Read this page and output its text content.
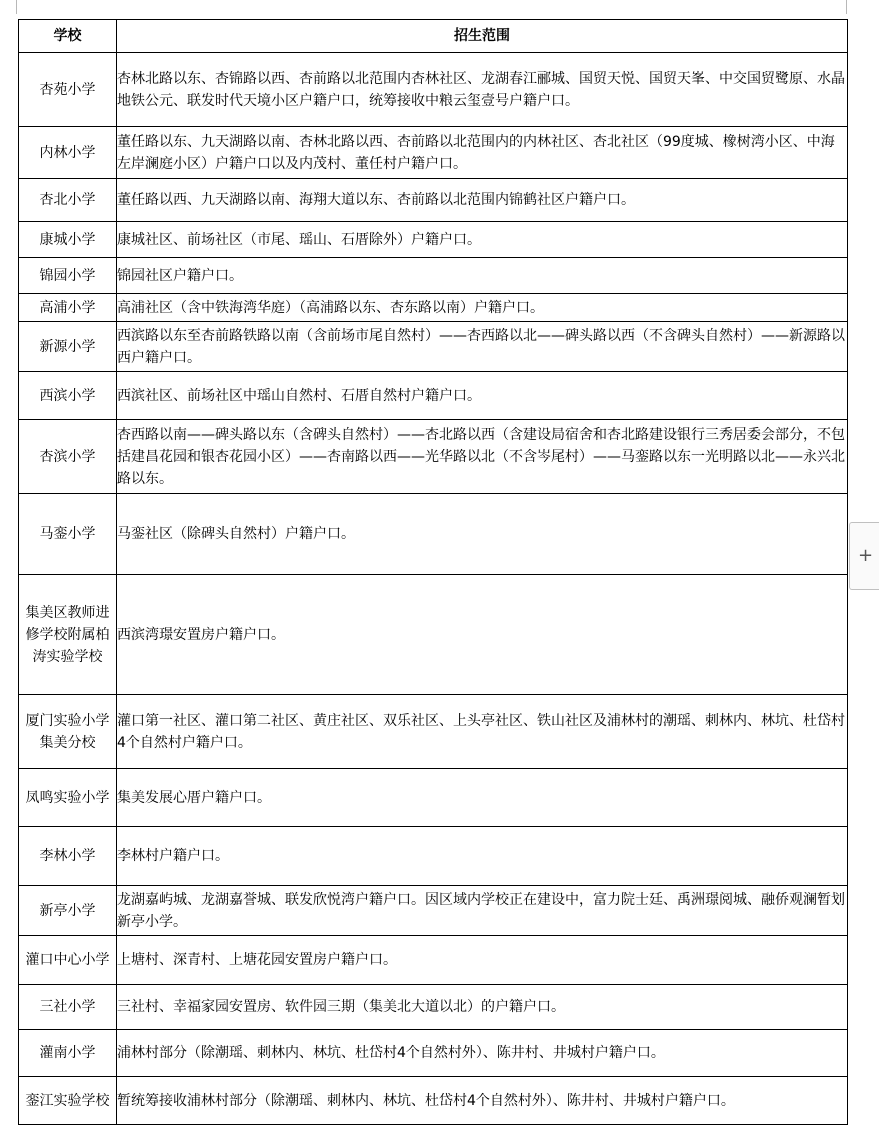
学校	招生范围
杏苑小学	杏林北路以东、杏锦路以西、杏前路以北范围内杏林社区、龙湖春江郦城、国贸天悦、国贸天峯、中交国贸鹭原、水晶地铁公元、联发时代天境小区户籍户口，统筹接收中粮云玺壹号户籍户口。
内林小学	董任路以东、九天湖路以南、杏林北路以西、杏前路以北范围内的内林社区、杏北社区（99度城、橡树湾小区、中海左岸澜庭小区）户籍户口以及内茂村、董任村户籍户口。
杏北小学	董任路以西、九天湖路以南、海翔大道以东、杏前路以北范围内锦鹤社区户籍户口。
康城小学	康城社区、前场社区（市尾、瑶山、石厝除外）户籍户口。
锦园小学	锦园社区户籍户口。
高浦小学	高浦社区（含中铁海湾华庭）（高浦路以东、杏东路以南）户籍户口。
新源小学	西滨路以东至杏前路铁路以南（含前场市尾自然村）——杏西路以北——碑头路以西（不含碑头自然村）——新源路以西户籍户口。
西滨小学	西滨社区、前场社区中瑶山自然村、石厝自然村户籍户口。
杏滨小学	杏西路以南——碑头路以东（含碑头自然村）——杏北路以西（含建设局宿舍和杏北路建设银行三秀居委会部分，不包括建昌花园和银杏花园小区）——杏南路以西——光华路以北（不含岑尾村）——马銮路以东一光明路以北——永兴北路以东。
马銮小学	马銮社区（除碑头自然村）户籍户口。
集美区教师进修学校附属柏涛实验学校	西滨湾璟安置房户籍户口。
厦门实验小学集美分校	灌口第一社区、灌口第二社区、黄庄社区、双乐社区、上头亭社区、铁山社区及浦林村的潮瑶、刺林内、林坑、杜岱村4个自然村户籍户口。
凤鸣实验小学	集美发展心厝户籍户口。
李林小学	李林村户籍户口。
新亭小学	龙湖嘉屿城、龙湖嘉誉城、联发欣悦湾户籍户口。因区域内学校正在建设中，富力院士廷、禹洲璟阅城、融侨观澜暂划新亭小学。
灌口中心小学	上塘村、深青村、上塘花园安置房户籍户口。
三社小学	三社村、幸福家园安置房、软件园三期（集美北大道以北）的户籍户口。
灌南小学	浦林村部分（除潮瑶、刺林内、林坑、杜岱村4个自然村外）、陈井村、井城村户籍户口。
銮江实验学校	暂统筹接收浦林村部分（除潮瑶、刺林内、林坑、杜岱村4个自然村外）、陈井村、井城村户籍户口。
+
